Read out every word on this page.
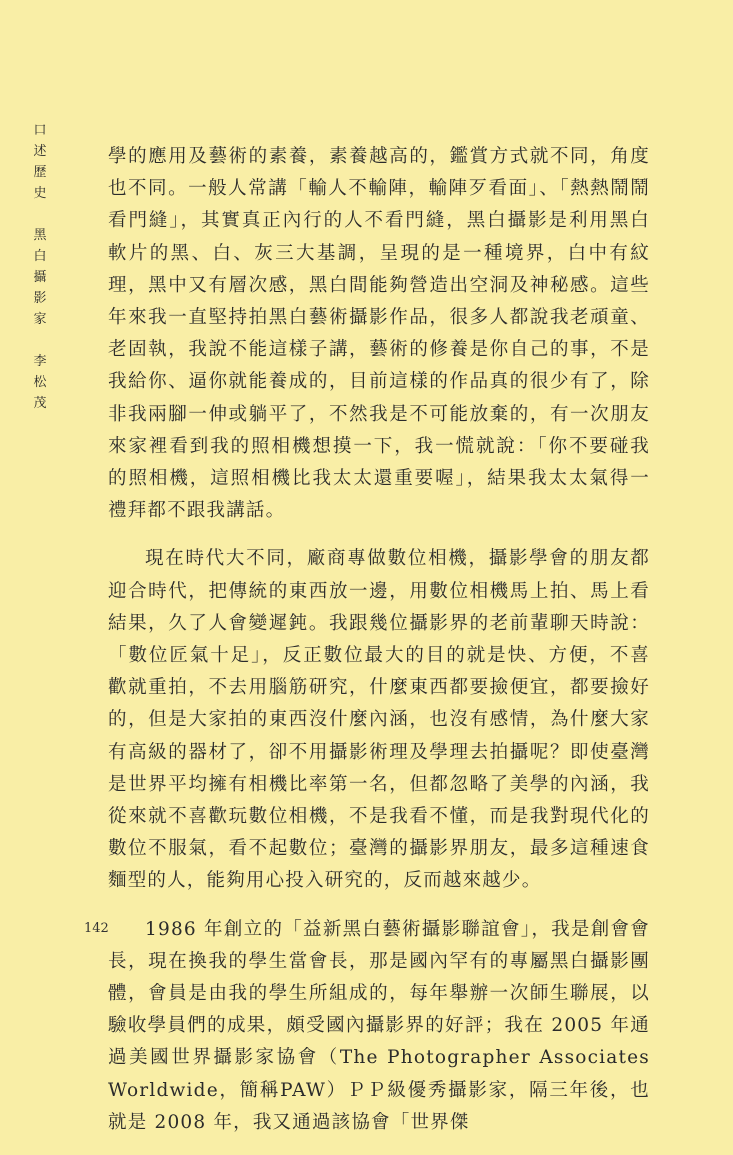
口述歷史
黑白攝影家
李松茂

學的應用及藝術的素養，素養越高的，鑑賞方式就不同，角度也不同。一般人常講「輸人不輸陣，輸陣歹看面」、「熱熱鬧鬧看門縫」，其實真正內行的人不看門縫，黑白攝影是利用黑白軟片的黑、白、灰三大基調，呈現的是一種境界，白中有紋理，黑中又有層次感，黑白間能夠營造出空洞及神秘感。這些年來我一直堅持拍黑白藝術攝影作品，很多人都說我老頑童、老固執，我說不能這樣子講，藝術的修養是你自己的事，不是我給你、逼你就能養成的，目前這樣的作品真的很少有了，除非我兩腳一伸或躺平了，不然我是不可能放棄的，有一次朋友來家裡看到我的照相機想摸一下，我一慌就說：「你不要碰我的照相機，這照相機比我太太還重要喔」，結果我太太氣得一禮拜都不跟我講話。

現在時代大不同，廠商專做數位相機，攝影學會的朋友都迎合時代，把傳統的東西放一邊，用數位相機馬上拍、馬上看結果，久了人會變遲鈍。我跟幾位攝影界的老前輩聊天時說：「數位匠氣十足」，反正數位最大的目的就是快、方便，不喜歡就重拍，不去用腦筋研究，什麼東西都要撿便宜，都要撿好的，但是大家拍的東西沒什麼內涵，也沒有感情，為什麼大家有高級的器材了，卻不用攝影術理及學理去拍攝呢？即使臺灣是世界平均擁有相機比率第一名，但都忽略了美學的內涵，我從來就不喜歡玩數位相機，不是我看不懂，而是我對現代化的數位不服氣，看不起數位；臺灣的攝影界朋友，最多這種速食麵型的人，能夠用心投入研究的，反而越來越少。

1986 年創立的「益新黑白藝術攝影聯誼會」，我是創會會長，現在換我的學生當會長，那是國內罕有的專屬黑白攝影團體，會員是由我的學生所組成的，每年舉辦一次師生聯展，以驗收學員們的成果，頗受國內攝影界的好評；我在 2005 年通過美國世界攝影家協會（The Photographer Associates Worldwide，簡稱PAW）ＰＰ級優秀攝影家，隔三年後，也就是 2008 年，我又通過該協會「世界傑

142
